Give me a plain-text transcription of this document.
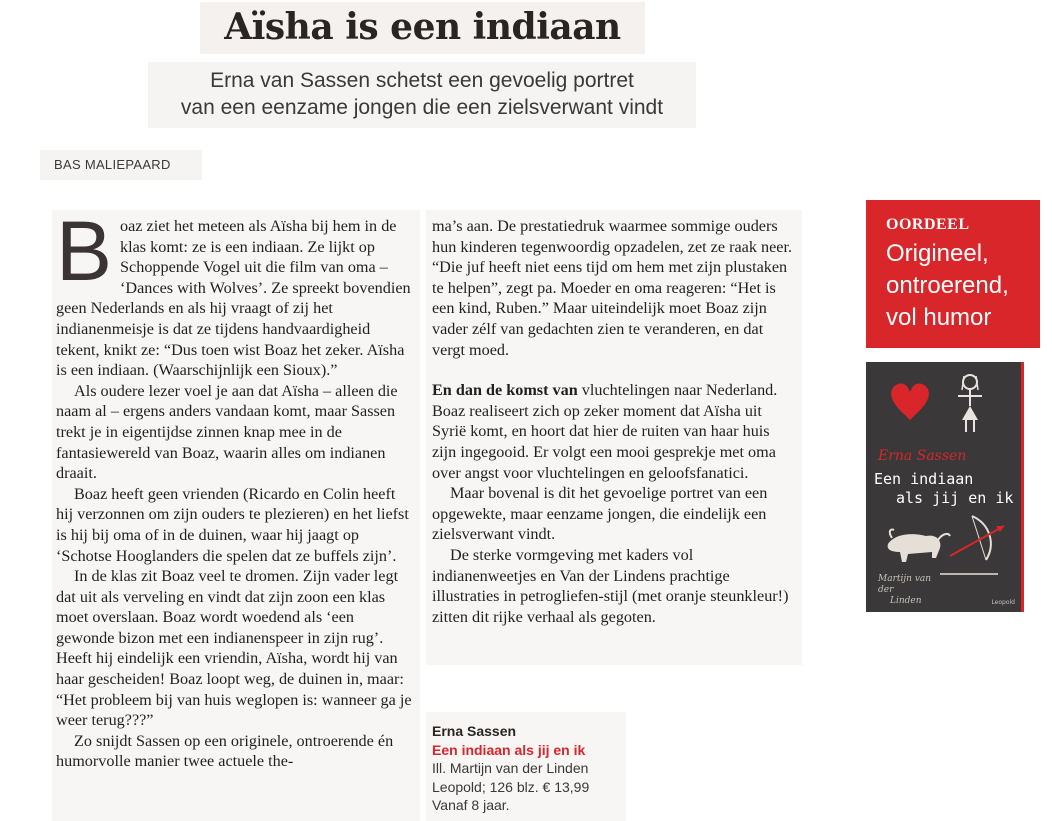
Aïsha is een indiaan
Erna van Sassen schetst een gevoelig portret
van een eenzame jongen die een zielsverwant vindt
BAS MALIEPAARD

Boaz ziet het meteen als Aïsha bij hem in de klas komt: ze is een indiaan. Ze lijkt op Schoppende Vogel uit die film van oma – ‘Dances with Wolves’. Ze spreekt bovendien geen Nederlands en als hij vraagt of zij het indianenmeisje is dat ze tijdens handvaardigheid tekent, knikt ze: “Dus toen wist Boaz het zeker. Aïsha is een indiaan. (Waarschijnlijk een Sioux).”

Als oudere lezer voel je aan dat Aïsha – alleen die naam al – ergens anders vandaan komt, maar Sassen trekt je in eigentijdse zinnen knap mee in de fantasiewereld van Boaz, waarin alles om indianen draait.

Boaz heeft geen vrienden (Ricardo en Colin heeft hij verzonnen om zijn ouders te plezieren) en het liefst is hij bij oma of in de duinen, waar hij jaagt op ‘Schotse Hooglanders die spelen dat ze buffels zijn’.

In de klas zit Boaz veel te dromen. Zijn vader legt dat uit als verveling en vindt dat zijn zoon een klas moet overslaan. Boaz wordt woedend als ‘een gewonde bizon met een indianenspeer in zijn rug’. Heeft hij eindelijk een vriendin, Aïsha, wordt hij van haar gescheiden! Boaz loopt weg, de duinen in, maar: “Het probleem bij van huis weglopen is: wanneer ga je weer terug???”

Zo snijdt Sassen op een originele, ontroerende én humorvolle manier twee actuele the-

ma’s aan. De prestatiedruk waarmee sommige ouders hun kinderen tegenwoordig opzadelen, zet ze raak neer. “Die juf heeft niet eens tijd om hem met zijn plustaken te helpen”, zegt pa. Moeder en oma reageren: “Het is een kind, Ruben.” Maar uiteindelijk moet Boaz zijn vader zélf van gedachten zien te veranderen, en dat vergt moed.

En dan de komst van vluchtelingen naar Nederland. Boaz realiseert zich op zeker moment dat Aïsha uit Syrië komt, en hoort dat hier de ruiten van haar huis zijn ingegooid. Er volgt een mooi gesprekje met oma over angst voor vluchtelingen en geloofsfanatici.

Maar bovenal is dit het gevoelige portret van een opgewekte, maar eenzame jongen, die eindelijk een zielsverwant vindt.

De sterke vormgeving met kaders vol indianenweetjes en Van der Lindens prachtige illustraties in petrogliefen-stijl (met oranje steunkleur!) zitten dit rijke verhaal als gegoten.

Erna Sassen
Een indiaan als jij en ik
Ill. Martijn van der Linden
Leopold; 126 blz. € 13,99
Vanaf 8 jaar.
OORDEEL
Origineel,
ontroerend,
vol humor
Erna Sassen
Een indiaan
als jij en ik
Martijn van der
Linden	Leopold
